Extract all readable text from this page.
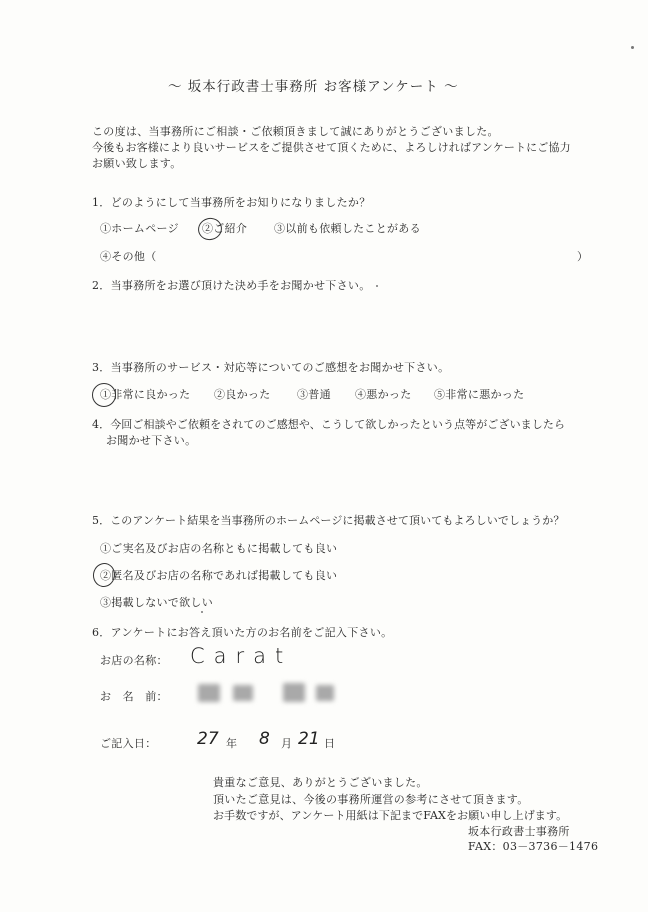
～ 坂本行政書士事務所 お客様アンケート ～
この度は、当事務所にご相談・ご依頼頂きまして誠にありがとうございました。
今後もお客様により良いサービスをご提供させて頂くために、よろしければアンケートにご協力
お願い致します。
1．どのようにして当事務所をお知りになりましたか？
①ホームページ ②ご紹介 ③以前も依頼したことがある
④その他（	）
2．当事務所をお選び頂けた決め手をお聞かせ下さい。
3．当事務所のサービス・対応等についてのご感想をお聞かせ下さい。
①非常に良かった ②良かった ③普通 ④悪かった ⑤非常に悪かった
4．今回ご相談やご依頼をされてのご感想や、こうして欲しかったという点等がございましたら
お聞かせ下さい。
5．このアンケート結果を当事務所のホームページに掲載させて頂いてもよろしいでしょうか？
①ご実名及びお店の名称ともに掲載しても良い
②匿名及びお店の名称であれば掲載しても良い
③掲載しないで欲しい
6．アンケートにお答え頂いた方のお名前をご記入下さい。
お店の名称： Carat
お　名　前：
ご記入日： 27 年 8 月 21 日
貴重なご意見、ありがとうございました。
頂いたご意見は、今後の事務所運営の参考にさせて頂きます。
お手数ですが、アンケート用紙は下記までFAXをお願い申し上げます。
坂本行政書士事務所
FAX：03－3736－1476
